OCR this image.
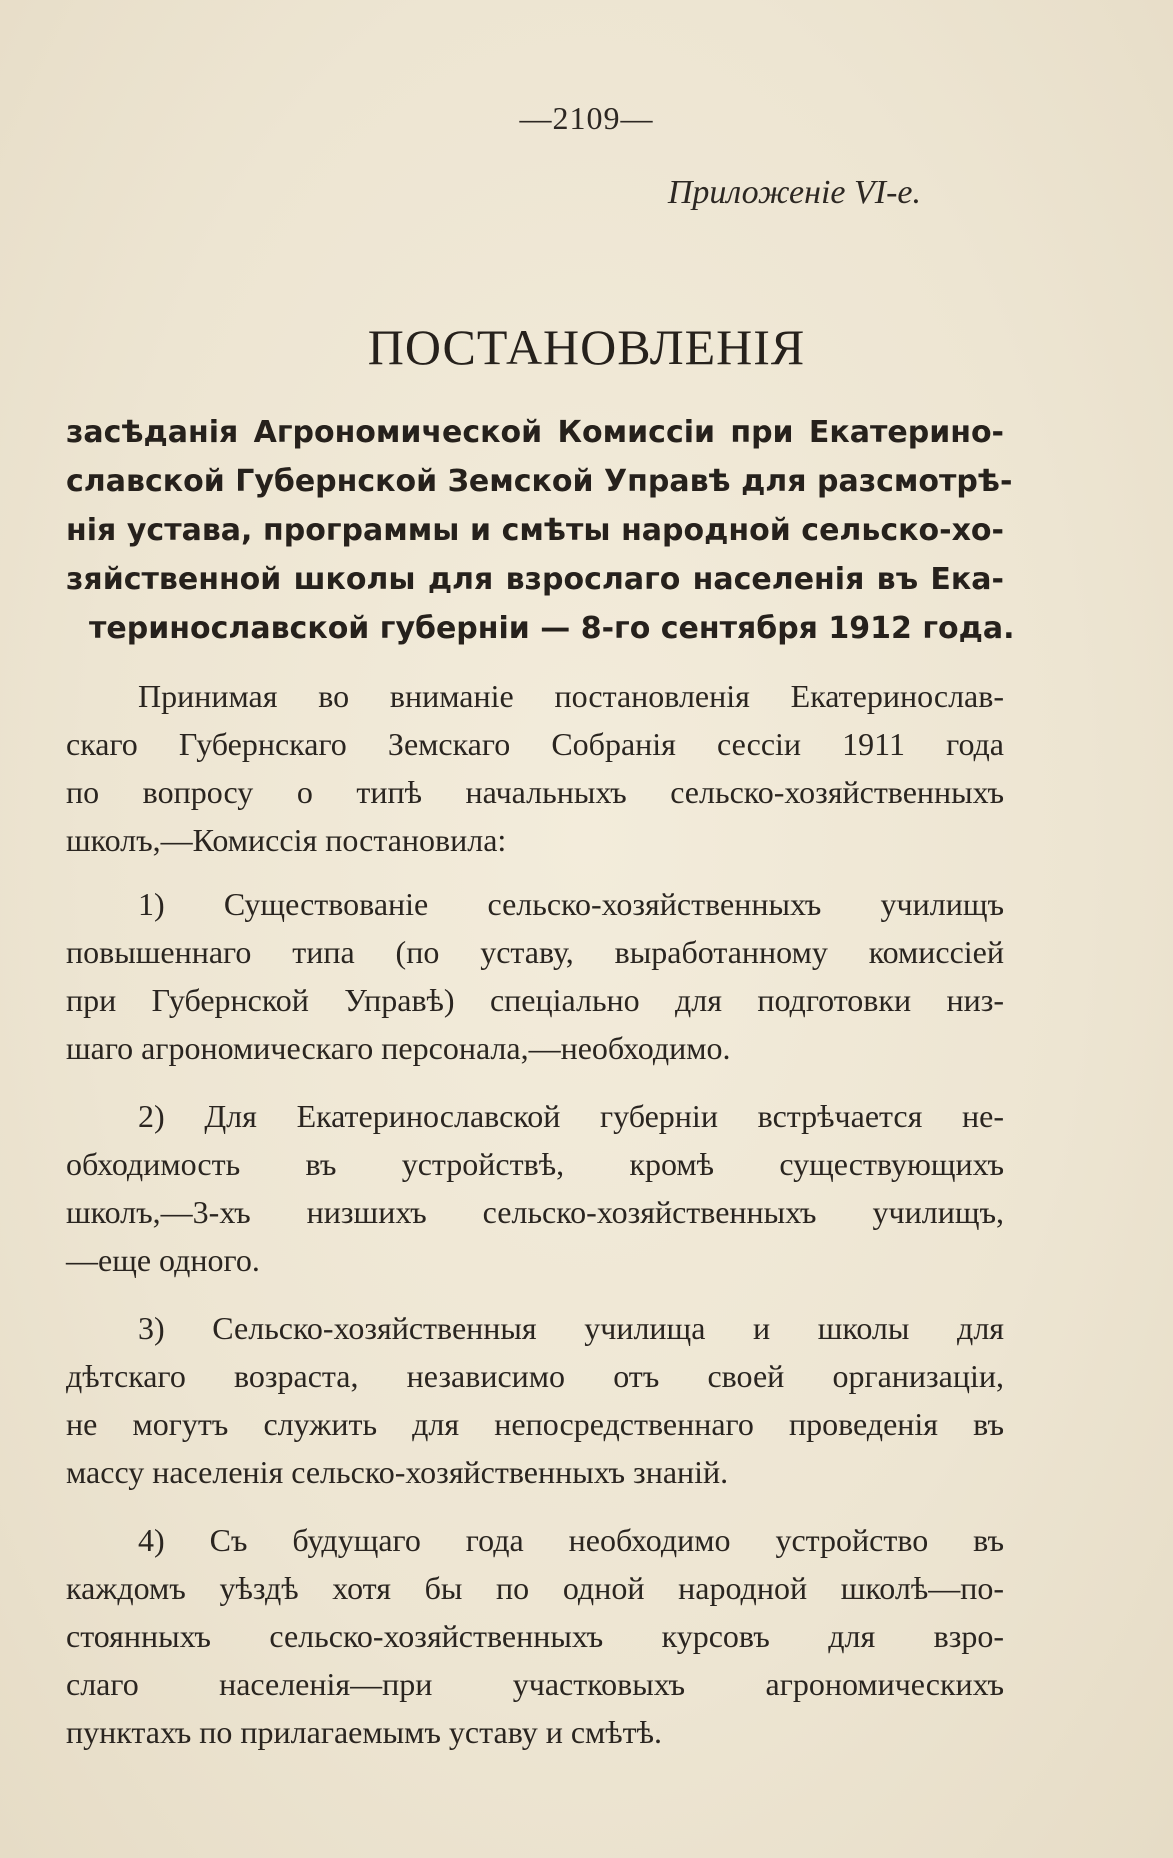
—2109—
Приложенiе VI-е.
ПОСТАНОВЛЕНIЯ
засѣданiя Агрономической Комиссiи при Екатерино-
славской Губернской Земской Управѣ для разсмотрѣ-
нiя устава, программы и смѣты народной сельско-хо-
зяйственной школы для взрослаго населенiя въ Ека-
теринославской губернiи — 8-го сентября 1912 года.
Принимая во вниманiе постановленiя Екатеринослав-
скаго Губернскаго Земскаго Собранiя сессiи 1911 года
по вопросу о типѣ начальныхъ сельско-хозяйственныхъ
школъ,—Комиссiя постановила:
1) Существованiе сельско-хозяйственныхъ училищъ
повышеннаго типа (по уставу, выработанному комиссiей
при Губернской Управѣ) спецiально для подготовки низ-
шаго агрономическаго персонала,—необходимо.
2) Для Екатеринославской губернiи встрѣчается не-
обходимость въ устройствѣ, кромѣ существующихъ
школъ,—3-хъ низшихъ сельско-хозяйственныхъ училищъ,
—еще одного.
3) Сельско-хозяйственныя училища и школы для
дѣтскаго возраста, независимо отъ своей организацiи,
не могутъ служить для непосредственнаго проведенiя въ
массу населенiя сельско-хозяйственныхъ знанiй.
4) Съ будущаго года необходимо устройство въ
каждомъ уѣздѣ хотя бы по одной народной школѣ—по-
стоянныхъ сельско-хозяйственныхъ курсовъ для взро-
слаго населенiя—при участковыхъ агрономическихъ
пунктахъ по прилагаемымъ уставу и смѣтѣ.
